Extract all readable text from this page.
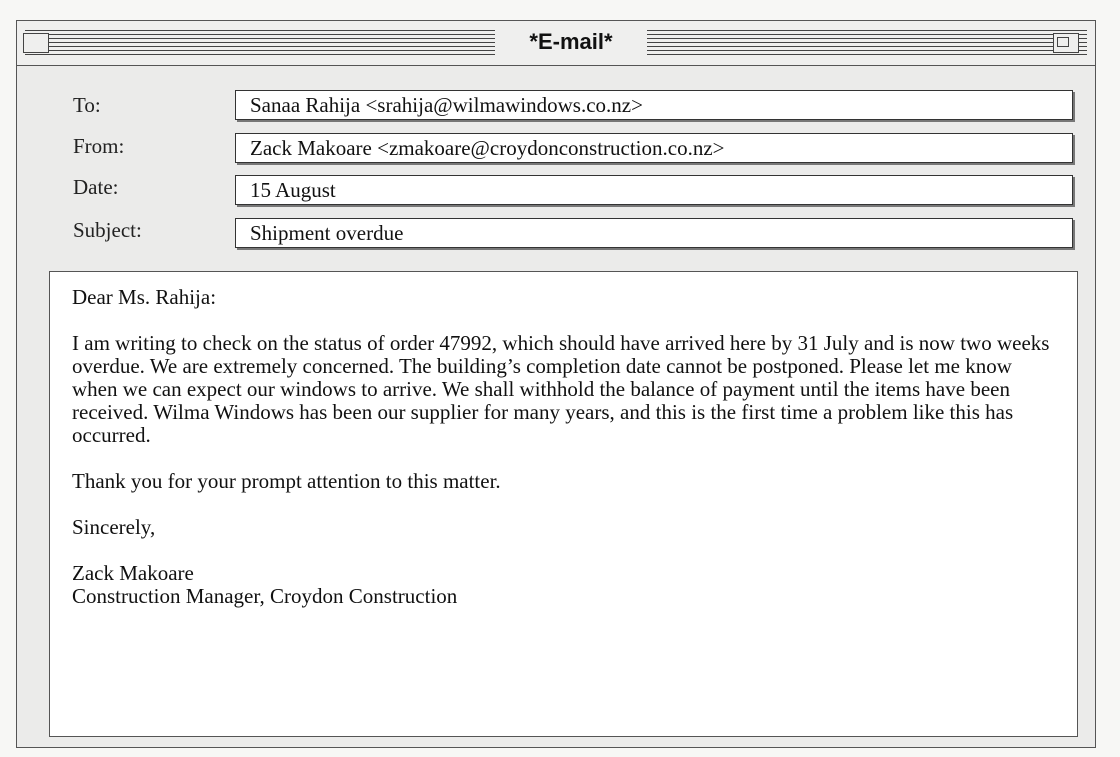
*E-mail*
To:	Sanaa Rahija <srahija@wilmawindows.co.nz>
From:	Zack Makoare <zmakoare@croydonconstruction.co.nz>
Date:	15 August
Subject:	Shipment overdue

Dear Ms. Rahija:

I am writing to check on the status of order 47992, which should have arrived here by 31 July and is now two weeks overdue. We are extremely concerned. The building’s completion date cannot be postponed. Please let me know when we can expect our windows to arrive. We shall withhold the balance of payment until the items have been received. Wilma Windows has been our supplier for many years, and this is the first time a problem like this has occurred.

Thank you for your prompt attention to this matter.

Sincerely,

Zack Makoare

Construction Manager, Croydon Construction
